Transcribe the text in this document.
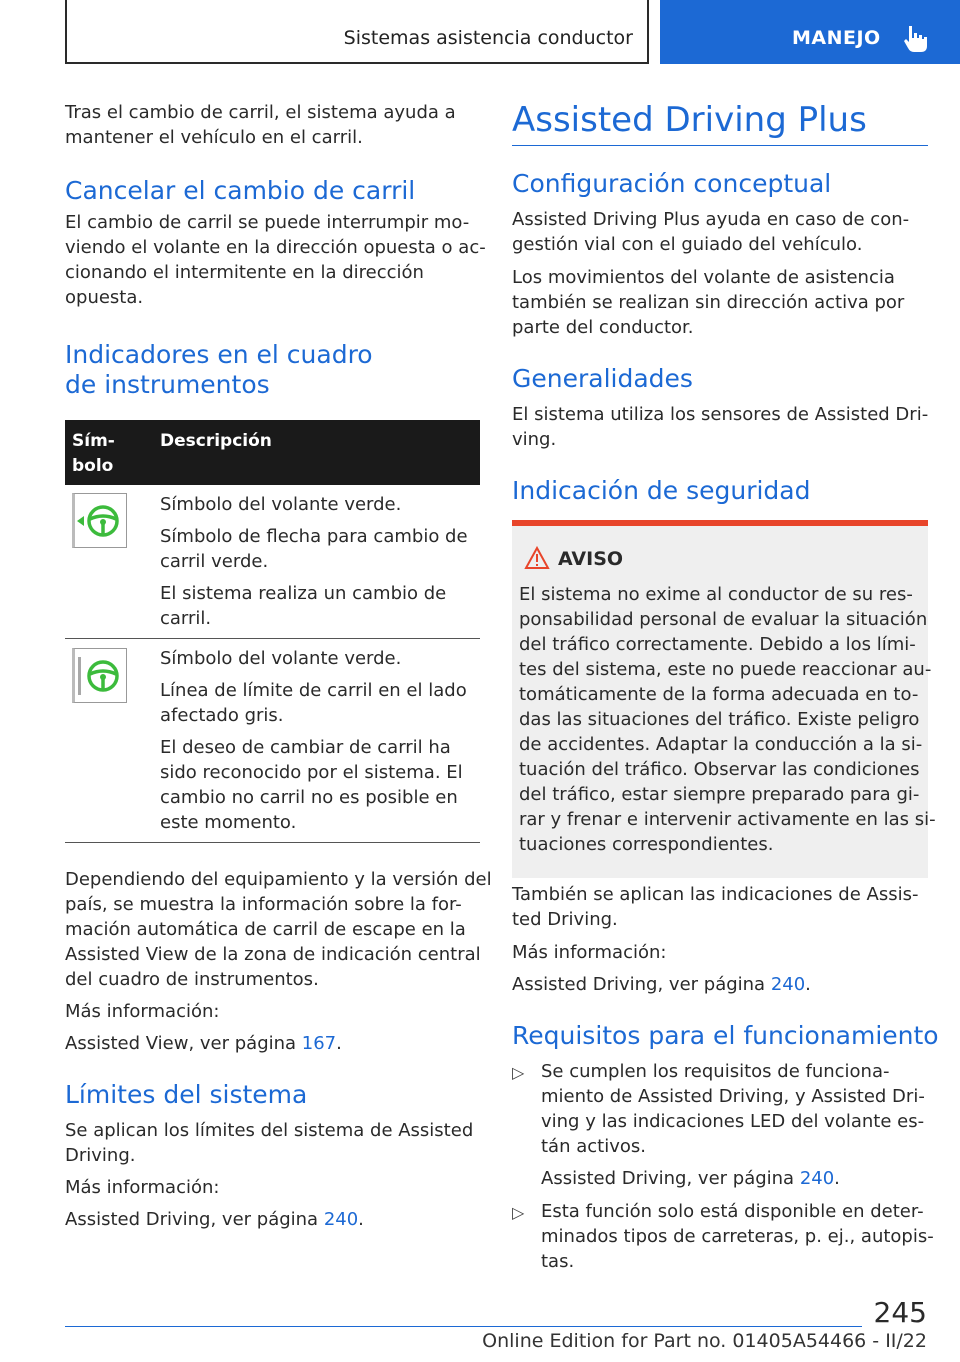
Sistemas asistencia conductor	MANEJO

Tras el cambio de carril, el sistema ayuda a

mantener el vehículo en el carril.

Cancelar el cambio de carril

El cambio de carril se puede interrumpir mo-

viendo el volante en la dirección opuesta o ac-

cionando el intermitente en la dirección

opuesta.

Indicadores en el cuadro
de instrumentos
Sím-
bolo
Descripción

Símbolo del volante verde.

Símbolo de flecha para cambio de

carril verde.

El sistema realiza un cambio de

carril.

Símbolo del volante verde.

Línea de límite de carril en el lado

afectado gris.

El deseo de cambiar de carril ha

sido reconocido por el sistema. El

cambio no carril no es posible en

este momento.

Dependiendo del equipamiento y la versión del

país, se muestra la información sobre la for-

mación automática de carril de escape en la

Assisted View de la zona de indicación central

del cuadro de instrumentos.

Más información:

Assisted View, ver página 167.

Límites del sistema

Se aplican los límites del sistema de Assisted

Driving.

Más información:

Assisted Driving, ver página 240.

Assisted Driving Plus
Configuración conceptual

Assisted Driving Plus ayuda en caso de con-

gestión vial con el guiado del vehículo.

Los movimientos del volante de asistencia

también se realizan sin dirección activa por

parte del conductor.

Generalidades

El sistema utiliza los sensores de Assisted Dri-

ving.

Indicación de seguridad
AVISO

El sistema no exime al conductor de su res-

ponsabilidad personal de evaluar la situación

del tráfico correctamente. Debido a los lími-

tes del sistema, este no puede reaccionar au-

tomáticamente de la forma adecuada en to-

das las situaciones del tráfico. Existe peligro

de accidentes. Adaptar la conducción a la si-

tuación del tráfico. Observar las condiciones

del tráfico, estar siempre preparado para gi-

rar y frenar e intervenir activamente en las si-

tuaciones correspondientes.

También se aplican las indicaciones de Assis-

ted Driving.

Más información:

Assisted Driving, ver página 240.

Requisitos para el funcionamiento
▷ Se cumplen los requisitos de funciona-

miento de Assisted Driving, y Assisted Dri-

ving y las indicaciones LED del volante es-

tán activos.

Assisted Driving, ver página 240.

▷ Esta función solo está disponible en deter-

minados tipos de carreteras, p. ej., autopis-

tas.

245
Online Edition for Part no. 01405A54466 - II/22
